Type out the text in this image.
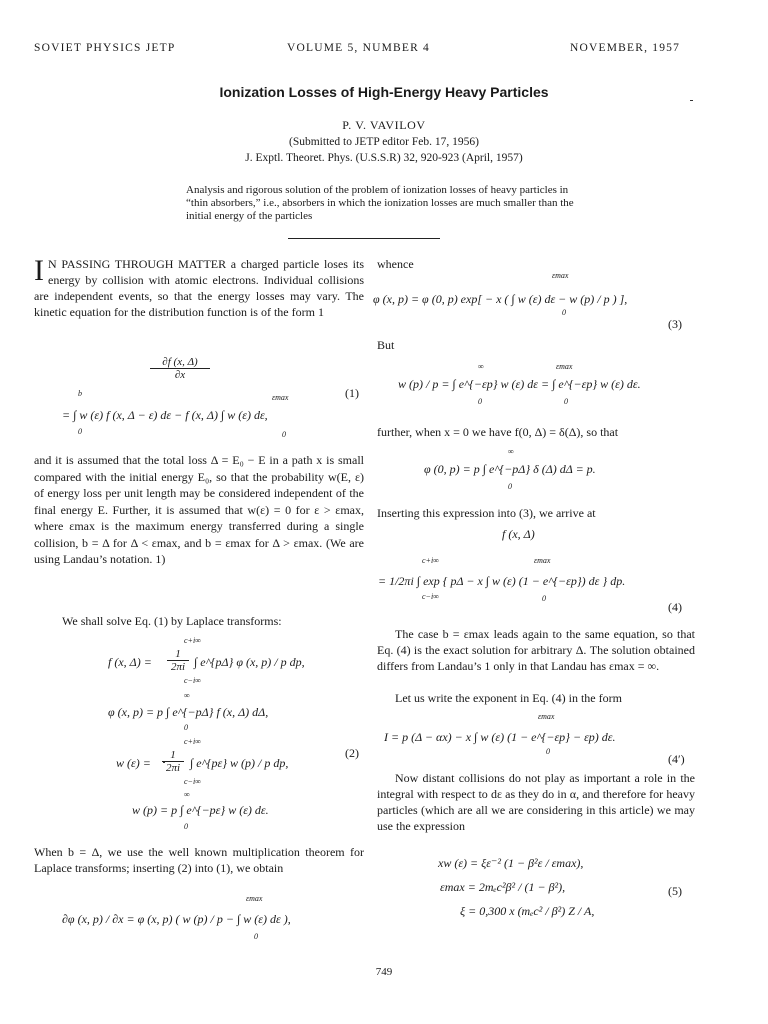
SOVIET PHYSICS JETP	VOLUME 5, NUMBER 4	NOVEMBER, 1957
Ionization Losses of High-Energy Heavy Particles
P. V. VAVILOV
(Submitted to JETP editor Feb. 17, 1956)
J. Exptl. Theoret. Phys. (U.S.S.R) 32, 920-923 (April, 1957)
Analysis and rigorous solution of the problem of ionization losses of heavy particles in “thin absorbers,” i.e., absorbers in which the ionization losses are much smaller than the initial energy of the particles
I N PASSING THROUGH MATTER a charged particle loses its energy by collision with atomic electrons. Individual collisions are independent events, so that the energy losses may vary. The kinetic equation for the distribution function is of the form 1
$\frac{\partial f (x, \Delta)}{\partial x}$
b
0
εmax
0
= ∫ w (ε) f (x, Δ − ε) dε − f (x, Δ) ∫ w (ε) dε,
(1)
and it is assumed that the total loss Δ = E₀ − E in a path x is small compared with the initial energy E₀, so that the probability w(E, ε) of energy loss per unit length may be considered independent of the final energy E. Further, it is assumed that w(ε) = 0 for ε > εmax, where εmax is the maximum energy transferred during a single collision, b = Δ for Δ < εmax, and b = εmax for Δ > εmax. (We are using Landau’s notation. 1)
We shall solve Eq. (1) by Laplace transforms:
c+i∞
f (x, $\Delta) = \frac{1}{2\pi i}$ ∫ e^{pΔ} φ (x, p) / p dp,
c−i∞
∞
φ (x, p) = p ∫ e^{−pΔ} f (x, Δ) dΔ,
0
c+i∞
w $(\varepsilon) = \frac{1}{2\pi i}$ ∫ e^{pε} w (p) / p dp,
c−i∞
(2)
∞
w (p) = p ∫ e^{−pε} w (ε) dε.
0
When b = Δ, we use the well known multiplication theorem for Laplace transforms; inserting (2) into (1), we obtain
εmax
∂φ (x, p) / ∂x = φ (x, p) ( w (p) / p − ∫ w (ε) dε ),
0
whence
εmax
φ (x, p) = φ (0, p) exp[ − x ( ∫ w (ε) dε − w (p) / p ) ],
0
(3)
But
∞	εmax
w (p) / p = ∫ e^{−εp} w (ε) dε = ∫ e^{−εp} w (ε) dε.
0	0
further, when x = 0 we have f(0, Δ) = δ(Δ), so that
∞
φ (0, p) = p ∫ e^{−pΔ} δ (Δ) dΔ = p.
0
Inserting this expression into (3), we arrive at
f (x, Δ)
c+i∞	εmax
= 1/2πi ∫ exp { pΔ − x ∫ w (ε) (1 − e^{−εp}) dε } dp.
c−i∞	0
(4)
The case b = εmax leads again to the same equation, so that Eq. (4) is the exact solution for arbitrary Δ. The solution obtained differs from Landau’s 1 only in that Landau has εmax = ∞.
Let us write the exponent in Eq. (4) in the form
εmax
I = p (Δ − αx) − x ∫ w (ε) (1 − e^{−εp} − εp) dε.
0
(4′)
Now distant collisions do not play as important a role in the integral with respect to dε as they do in α, and therefore for heavy particles (which are all we are considering in this article) we may use the expression
xw (ε) = ξε⁻² (1 − β²ε / εmax),
εmax = 2mₑc²β² / (1 − β²),
ξ = 0,300 x (mₑc² / β²) Z / A,
(5)
749
